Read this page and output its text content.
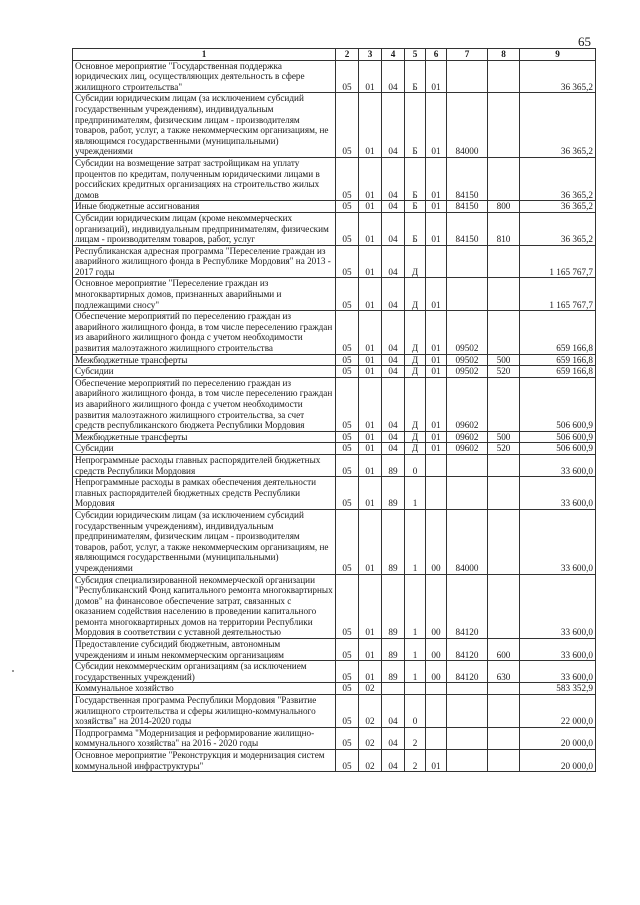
65
1	2	3	4	5	6	7	8	9
Основное мероприятие "Государственная поддержка юридических лиц, осуществляющих деятельность в сфере жилищного строительства"	05	01	04	Б	01			36 365,2
Субсидии юридическим лицам (за исключением субсидий государственным учреждениям), индивидуальным предпринимателям, физическим лицам - производителям товаров, работ, услуг, а также некоммерческим организациям, не являющимся государственными (муниципальными) учреждениями	05	01	04	Б	01	84000		36 365,2
Субсидии на возмещение затрат застройщикам на уплату процентов по кредитам, полученным юридическими лицами в российских кредитных организациях на строительство жилых домов	05	01	04	Б	01	84150		36 365,2
Иные бюджетные ассигнования	05	01	04	Б	01	84150	800	36 365,2
Субсидии юридическим лицам (кроме некоммерческих организаций), индивидуальным предпринимателям, физическим лицам - производителям товаров, работ, услуг	05	01	04	Б	01	84150	810	36 365,2
Республиканская адресная программа "Переселение граждан из аварийного жилищного фонда в Республике Мордовия" на 2013 - 2017 годы	05	01	04	Д				1 165 767,7
Основное мероприятие "Переселение граждан из многоквартирных домов, признанных аварийными и подлежащими сносу"	05	01	04	Д	01			1 165 767,7
Обеспечение мероприятий по переселению граждан из аварийного жилищного фонда, в том числе переселению граждан из аварийного жилищного фонда с учетом необходимости развития малоэтажного жилищного строительства	05	01	04	Д	01	09502		659 166,8
Межбюджетные трансферты	05	01	04	Д	01	09502	500	659 166,8
Субсидии	05	01	04	Д	01	09502	520	659 166,8
Обеспечение мероприятий по переселению граждан из аварийного жилищного фонда, в том числе переселению граждан из аварийного жилищного фонда с учетом необходимости развития малоэтажного жилищного строительства, за счет средств республиканского бюджета Республики Мордовия	05	01	04	Д	01	09602		506 600,9
Межбюджетные трансферты	05	01	04	Д	01	09602	500	506 600,9
Субсидии	05	01	04	Д	01	09602	520	506 600,9
Непрограммные расходы главных распорядителей бюджетных средств Республики Мордовия	05	01	89	0				33 600,0
Непрограммные расходы в рамках обеспечения деятельности главных распорядителей бюджетных средств Республики Мордовия	05	01	89	1				33 600,0
Субсидии юридическим лицам (за исключением субсидий государственным учреждениям), индивидуальным предпринимателям, физическим лицам - производителям товаров, работ, услуг, а также некоммерческим организациям, не являющимся государственными (муниципальными) учреждениями	05	01	89	1	00	84000		33 600,0
Субсидия специализированной некоммерческой организации "Республиканский Фонд капитального ремонта многоквартирных домов" на финансовое обеспечение затрат, связанных с оказанием содействия населению в проведении капитального ремонта многоквартирных домов на территории Республики Мордовия в соответствии с уставной деятельностью	05	01	89	1	00	84120		33 600,0
Предоставление субсидий бюджетным, автономным учреждениям и иным некоммерческим организациям	05	01	89	1	00	84120	600	33 600,0
Субсидии некоммерческим организациям (за исключением государственных учреждений)	05	01	89	1	00	84120	630	33 600,0
Коммунальное хозяйство	05	02						583 352,9
Государственная программа Республики Мордовия "Развитие жилищного строительства и сферы жилищно-коммунального хозяйства" на 2014-2020 годы	05	02	04	0				22 000,0
Подпрограмма "Модернизация и реформирование жилищно-коммунального хозяйства" на 2016 - 2020 годы	05	02	04	2				20 000,0
Основное мероприятие "Реконструкция и модернизация систем коммунальной инфраструктуры"	05	02	04	2	01			20 000,0
